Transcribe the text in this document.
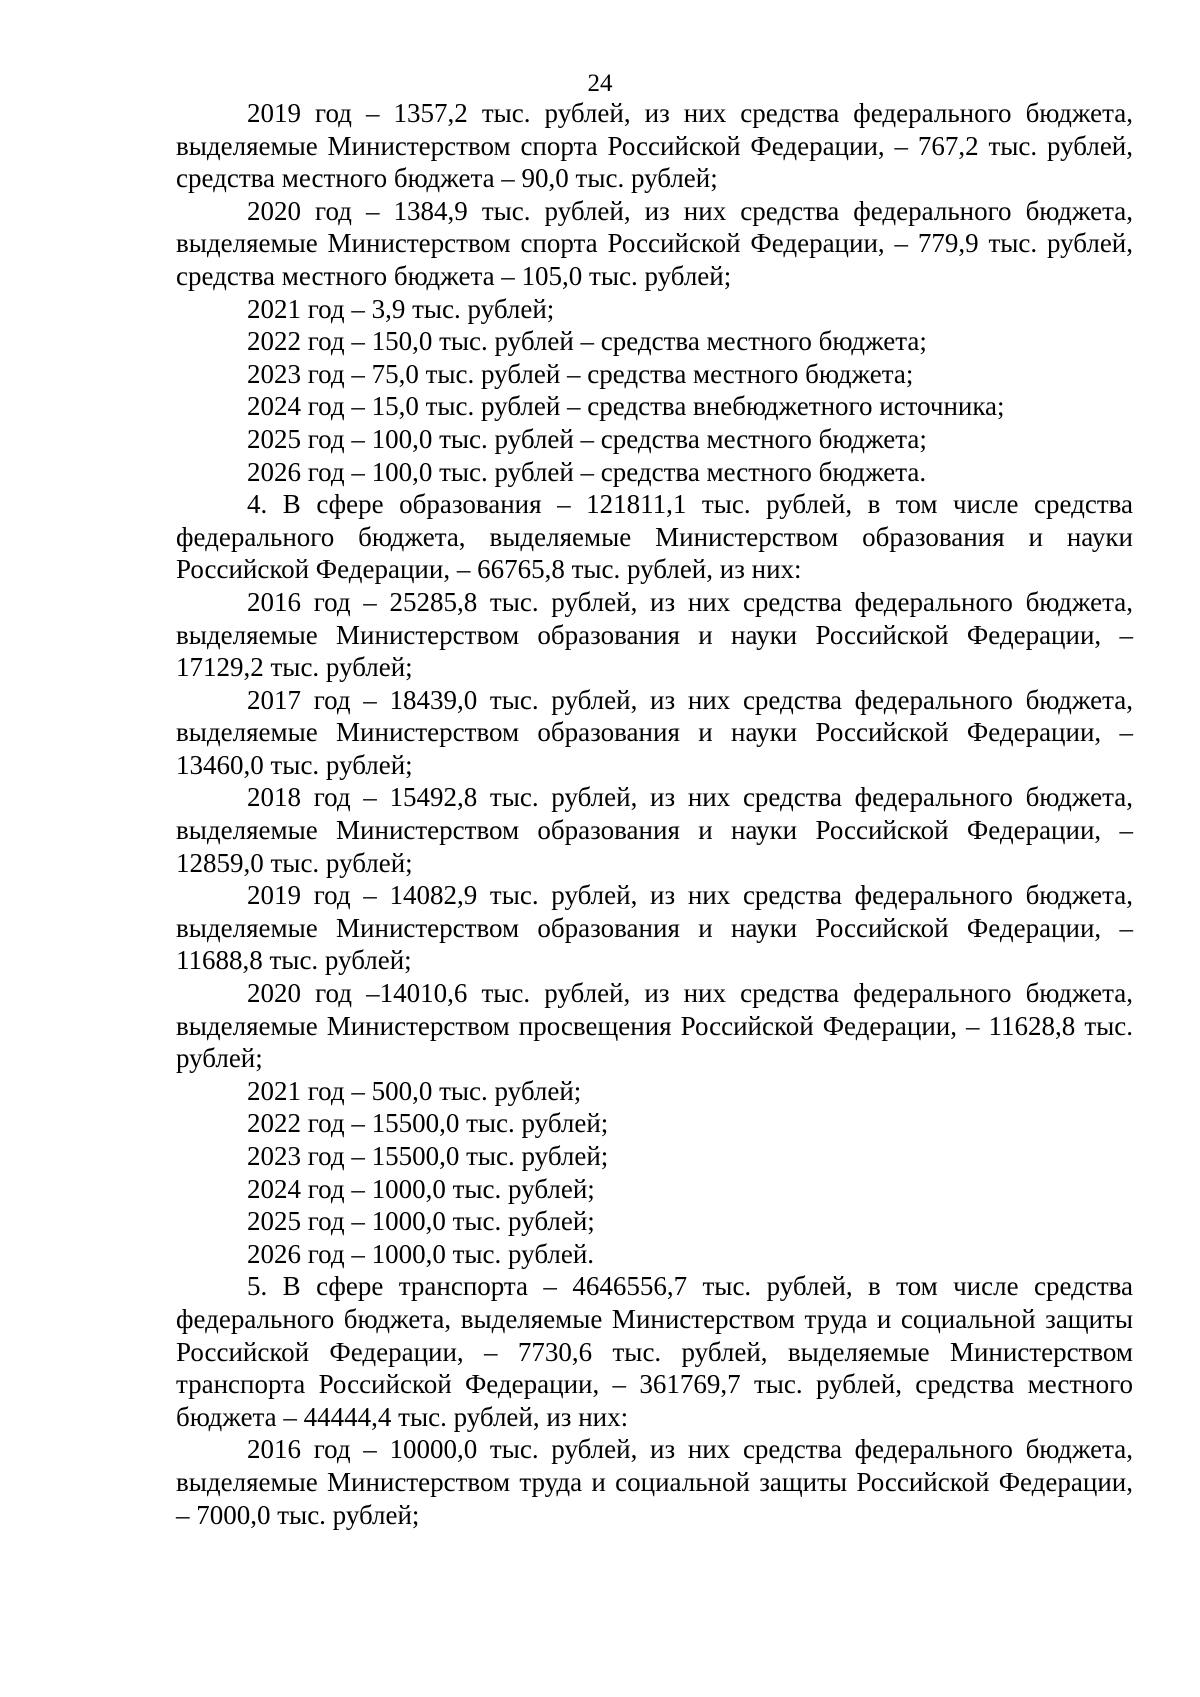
24

2019 год – 1357,2 тыс. рублей, из них средства федерального бюджета, выделяемые Министерством спорта Российской Федерации, – 767,2 тыс. рублей, средства местного бюджета – 90,0 тыс. рублей;

2020 год – 1384,9 тыс. рублей, из них средства федерального бюджета, выделяемые Министерством спорта Российской Федерации, – 779,9 тыс. рублей, средства местного бюджета – 105,0 тыс. рублей;

2021 год – 3,9 тыс. рублей;

2022 год – 150,0 тыс. рублей – средства местного бюджета;

2023 год – 75,0 тыс. рублей – средства местного бюджета;

2024 год – 15,0 тыс. рублей – средства внебюджетного источника;

2025 год – 100,0 тыс. рублей – средства местного бюджета;

2026 год – 100,0 тыс. рублей – средства местного бюджета.

4. В сфере образования – 121811,1 тыс. рублей, в том числе средства федерального бюджета, выделяемые Министерством образования и науки Российской Федерации, – 66765,8 тыс. рублей, из них:

2016 год – 25285,8 тыс. рублей, из них средства федерального бюджета, выделяемые Министерством образования и науки Российской Федерации, – 17129,2 тыс. рублей;

2017 год – 18439,0 тыс. рублей, из них средства федерального бюджета, выделяемые Министерством образования и науки Российской Федерации, – 13460,0 тыс. рублей;

2018 год – 15492,8 тыс. рублей, из них средства федерального бюджета, выделяемые Министерством образования и науки Российской Федерации, – 12859,0 тыс. рублей;

2019 год – 14082,9 тыс. рублей, из них средства федерального бюджета, выделяемые Министерством образования и науки Российской Федерации, – 11688,8 тыс. рублей;

2020 год –14010,6 тыс. рублей, из них средства федерального бюджета, выделяемые Министерством просвещения Российской Федерации, – 11628,8 тыс. рублей;

2021 год – 500,0 тыс. рублей;

2022 год – 15500,0 тыс. рублей;

2023 год – 15500,0 тыс. рублей;

2024 год – 1000,0 тыс. рублей;

2025 год – 1000,0 тыс. рублей;

2026 год – 1000,0 тыс. рублей.

5. В сфере транспорта – 4646556,7 тыс. рублей, в том числе средства федерального бюджета, выделяемые Министерством труда и социальной защиты Российской Федерации, – 7730,6 тыс. рублей, выделяемые Министерством транспорта Российской Федерации, – 361769,7 тыс. рублей, средства местного бюджета – 44444,4 тыс. рублей, из них:

2016 год – 10000,0 тыс. рублей, из них средства федерального бюджета, выделяемые Министерством труда и социальной защиты Российской Федерации, – 7000,0 тыс. рублей;
